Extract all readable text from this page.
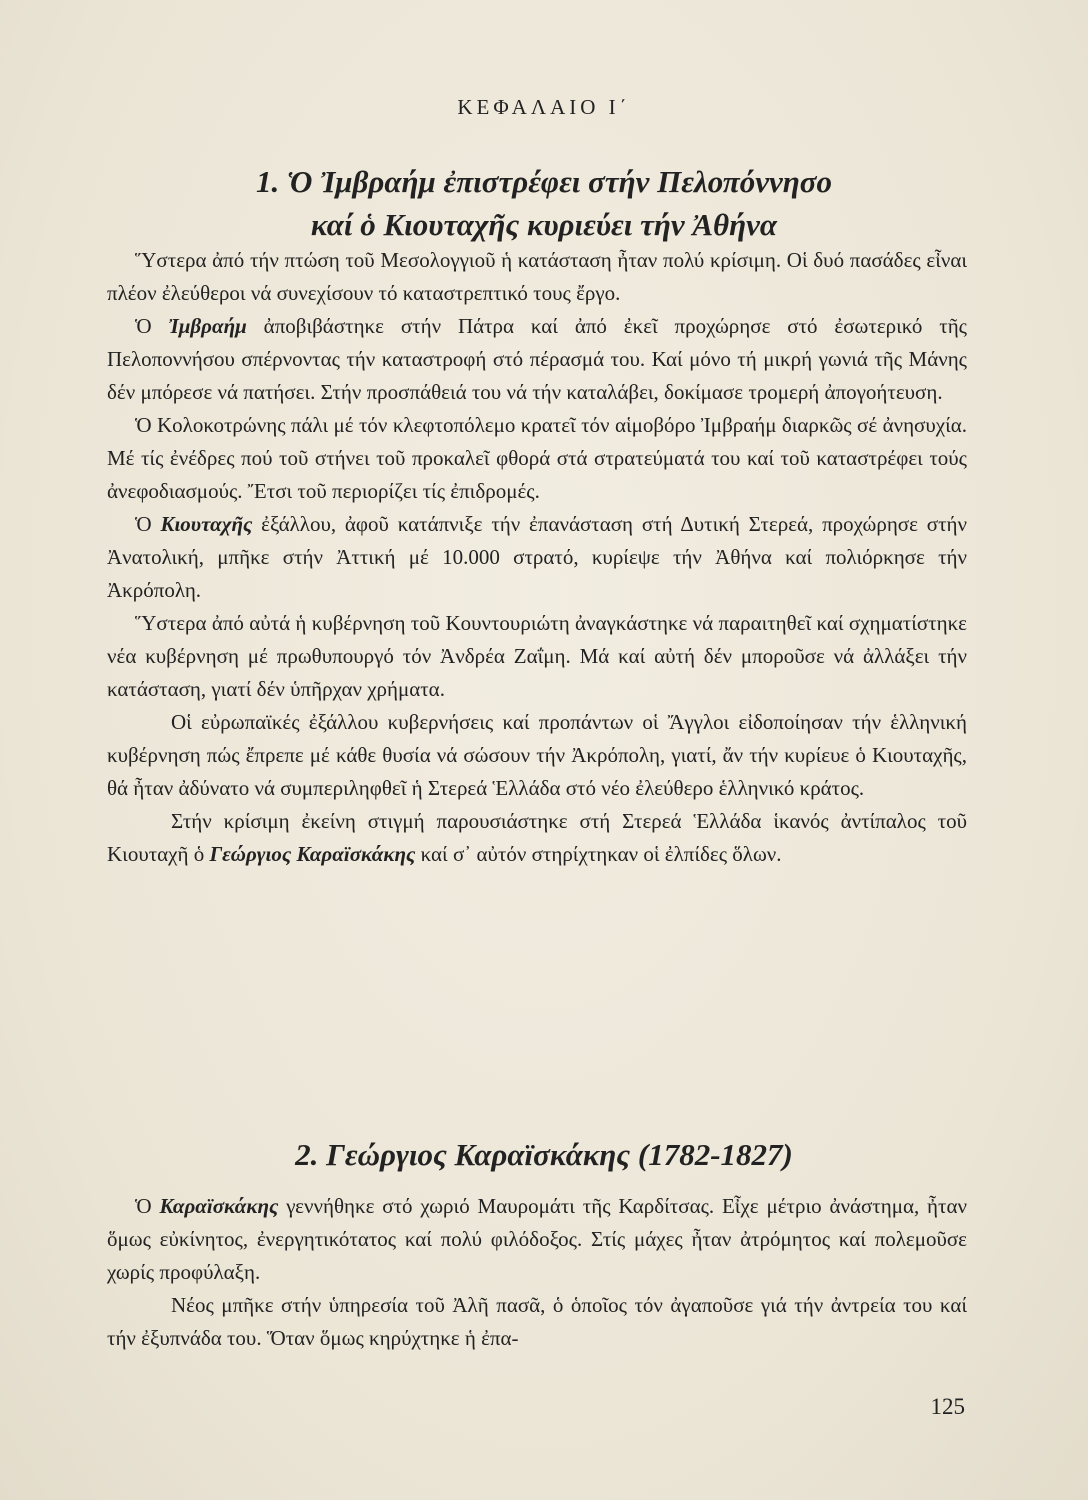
ΚΕΦΑΛΑΙΟ Ι΄
1. Ὁ Ἰμβραήμ ἐπιστρέφει στήν Πελοπόννησο
καί ὁ Κιουταχῆς κυριεύει τήν Ἀθήνα

Ὕστερα ἀπό τήν πτώση τοῦ Μεσολογγιοῦ ἡ κατάσταση ἦταν πολύ κρίσιμη. Οἱ δυό πασάδες εἶναι πλέον ἐλεύθεροι νά συνεχίσουν τό καταστρεπτικό τους ἔργο.

Ὁ Ἰμβραήμ ἀποβιβάστηκε στήν Πάτρα καί ἀπό ἐκεῖ προχώρησε στό ἐσωτερικό τῆς Πελοποννήσου σπέρνοντας τήν καταστροφή στό πέρασμά του. Καί μόνο τή μικρή γωνιά τῆς Μάνης δέν μπόρεσε νά πατήσει. Στήν προσπάθειά του νά τήν καταλάβει, δοκίμασε τρομερή ἀπογοήτευση.

Ὁ Κολοκοτρώνης πάλι μέ τόν κλεφτοπόλεμο κρατεῖ τόν αἱμοβόρο Ἰμβραήμ διαρκῶς σέ ἀνησυχία. Μέ τίς ἐνέδρες πού τοῦ στήνει τοῦ προκαλεῖ φθορά στά στρατεύματά του καί τοῦ καταστρέφει τούς ἀνεφοδιασμούς. Ἔτσι τοῦ περιορίζει τίς ἐπιδρομές.

Ὁ Κιουταχῆς ἐξάλλου, ἀφοῦ κατάπνιξε τήν ἐπανάσταση στή Δυτική Στερεά, προχώρησε στήν Ἀνατολική, μπῆκε στήν Ἀττική μέ 10.000 στρατό, κυρίεψε τήν Ἀθήνα καί πολιόρκησε τήν Ἀκρόπολη.

Ὕστερα ἀπό αὐτά ἡ κυβέρνηση τοῦ Κουντουριώτη ἀναγκάστηκε νά παραιτηθεῖ καί σχηματίστηκε νέα κυβέρνηση μέ πρωθυπουργό τόν Ἀνδρέα Ζαΐμη. Μά καί αὐτή δέν μποροῦσε νά ἀλλάξει τήν κατάσταση, γιατί δέν ὑπῆρχαν χρήματα.

Οἱ εὐρωπαϊκές ἐξάλλου κυβερνήσεις καί προπάντων οἱ Ἄγγλοι εἰδοποίησαν τήν ἑλληνική κυβέρνηση πώς ἔπρεπε μέ κάθε θυσία νά σώσουν τήν Ἀκρόπολη, γιατί, ἄν τήν κυρίευε ὁ Κιουταχῆς, θά ἦταν ἀδύνατο νά συμπεριληφθεῖ ἡ Στερεά Ἑλλάδα στό νέο ἐλεύθερο ἑλληνικό κράτος.

Στήν κρίσιμη ἐκείνη στιγμή παρουσιάστηκε στή Στερεά Ἑλλάδα ἱκανός ἀντίπαλος τοῦ Κιουταχῆ ὁ Γεώργιος Καραϊσκάκης καί σ᾽ αὐτόν στηρίχτηκαν οἱ ἐλπίδες ὅλων.

2. Γεώργιος Καραϊσκάκης (1782-1827)

Ὁ Καραϊσκάκης γεννήθηκε στό χωριό Μαυρομάτι τῆς Καρδίτσας. Εἶχε μέτριο ἀνάστημα, ἦταν ὅμως εὐκίνητος, ἐνεργητικότατος καί πολύ φιλόδοξος. Στίς μάχες ἦταν ἀτρόμητος καί πολεμοῦσε χωρίς προφύλαξη.

Νέος μπῆκε στήν ὑπηρεσία τοῦ Ἀλῆ πασᾶ, ὁ ὁποῖος τόν ἀγαποῦσε γιά τήν ἀντρεία του καί τήν ἐξυπνάδα του. Ὅταν ὅμως κηρύχτηκε ἡ ἐπα-

125
